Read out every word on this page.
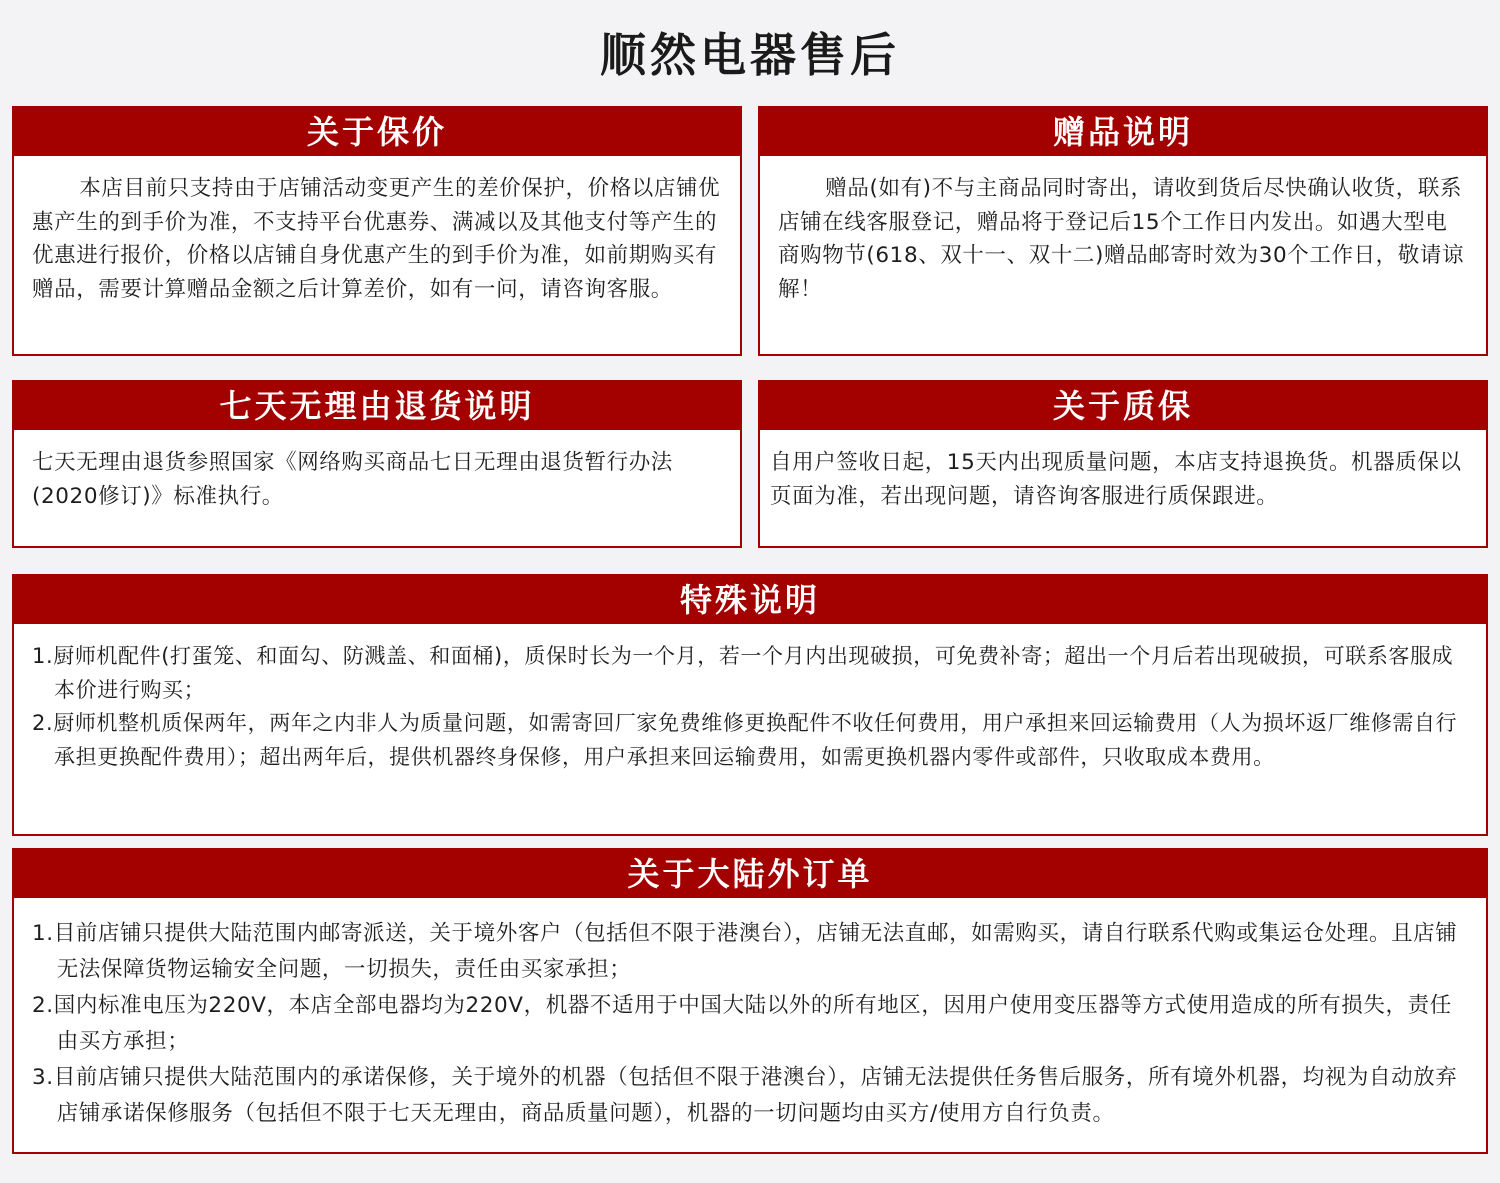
顺然电器售后
关于保价

本店目前只支持由于店铺活动变更产生的差价保护，价格以店铺优惠产生的到手价为准，不支持平台优惠券、满减以及其他支付等产生的优惠进行报价，价格以店铺自身优惠产生的到手价为准，如前期购买有赠品，需要计算赠品金额之后计算差价，如有一问，请咨询客服。

赠品说明

赠品(如有)不与主商品同时寄出，请收到货后尽快确认收货，联系店铺在线客服登记，赠品将于登记后15个工作日内发出。如遇大型电商购物节(618、双十一、双十二)赠品邮寄时效为30个工作日，敬请谅解！

七天无理由退货说明

七天无理由退货参照国家《网络购买商品七日无理由退货暂行办法(2020修订)》标准执行。

关于质保

自用户签收日起，15天内出现质量问题，本店支持退换货。机器质保以页面为准，若出现问题，请咨询客服进行质保跟进。

特殊说明
1.厨师机配件(打蛋笼、和面勾、防溅盖、和面桶)，质保时长为一个月，若一个月内出现破损，可免费补寄；超出一个月后若出现破损，可联系客服成本价进行购买；
2.厨师机整机质保两年，两年之内非人为质量问题，如需寄回厂家免费维修更换配件不收任何费用，用户承担来回运输费用（人为损坏返厂维修需自行承担更换配件费用）；超出两年后，提供机器终身保修，用户承担来回运输费用，如需更换机器内零件或部件，只收取成本费用。
关于大陆外订单
1.目前店铺只提供大陆范围内邮寄派送，关于境外客户（包括但不限于港澳台），店铺无法直邮，如需购买，请自行联系代购或集运仓处理。且店铺无法保障货物运输安全问题，一切损失，责任由买家承担；
2.国内标准电压为220V，本店全部电器均为220V，机器不适用于中国大陆以外的所有地区，因用户使用变压器等方式使用造成的所有损失，责任由买方承担；
3.目前店铺只提供大陆范围内的承诺保修，关于境外的机器（包括但不限于港澳台），店铺无法提供任务售后服务，所有境外机器，均视为自动放弃店铺承诺保修服务（包括但不限于七天无理由，商品质量问题），机器的一切问题均由买方/使用方自行负责。
